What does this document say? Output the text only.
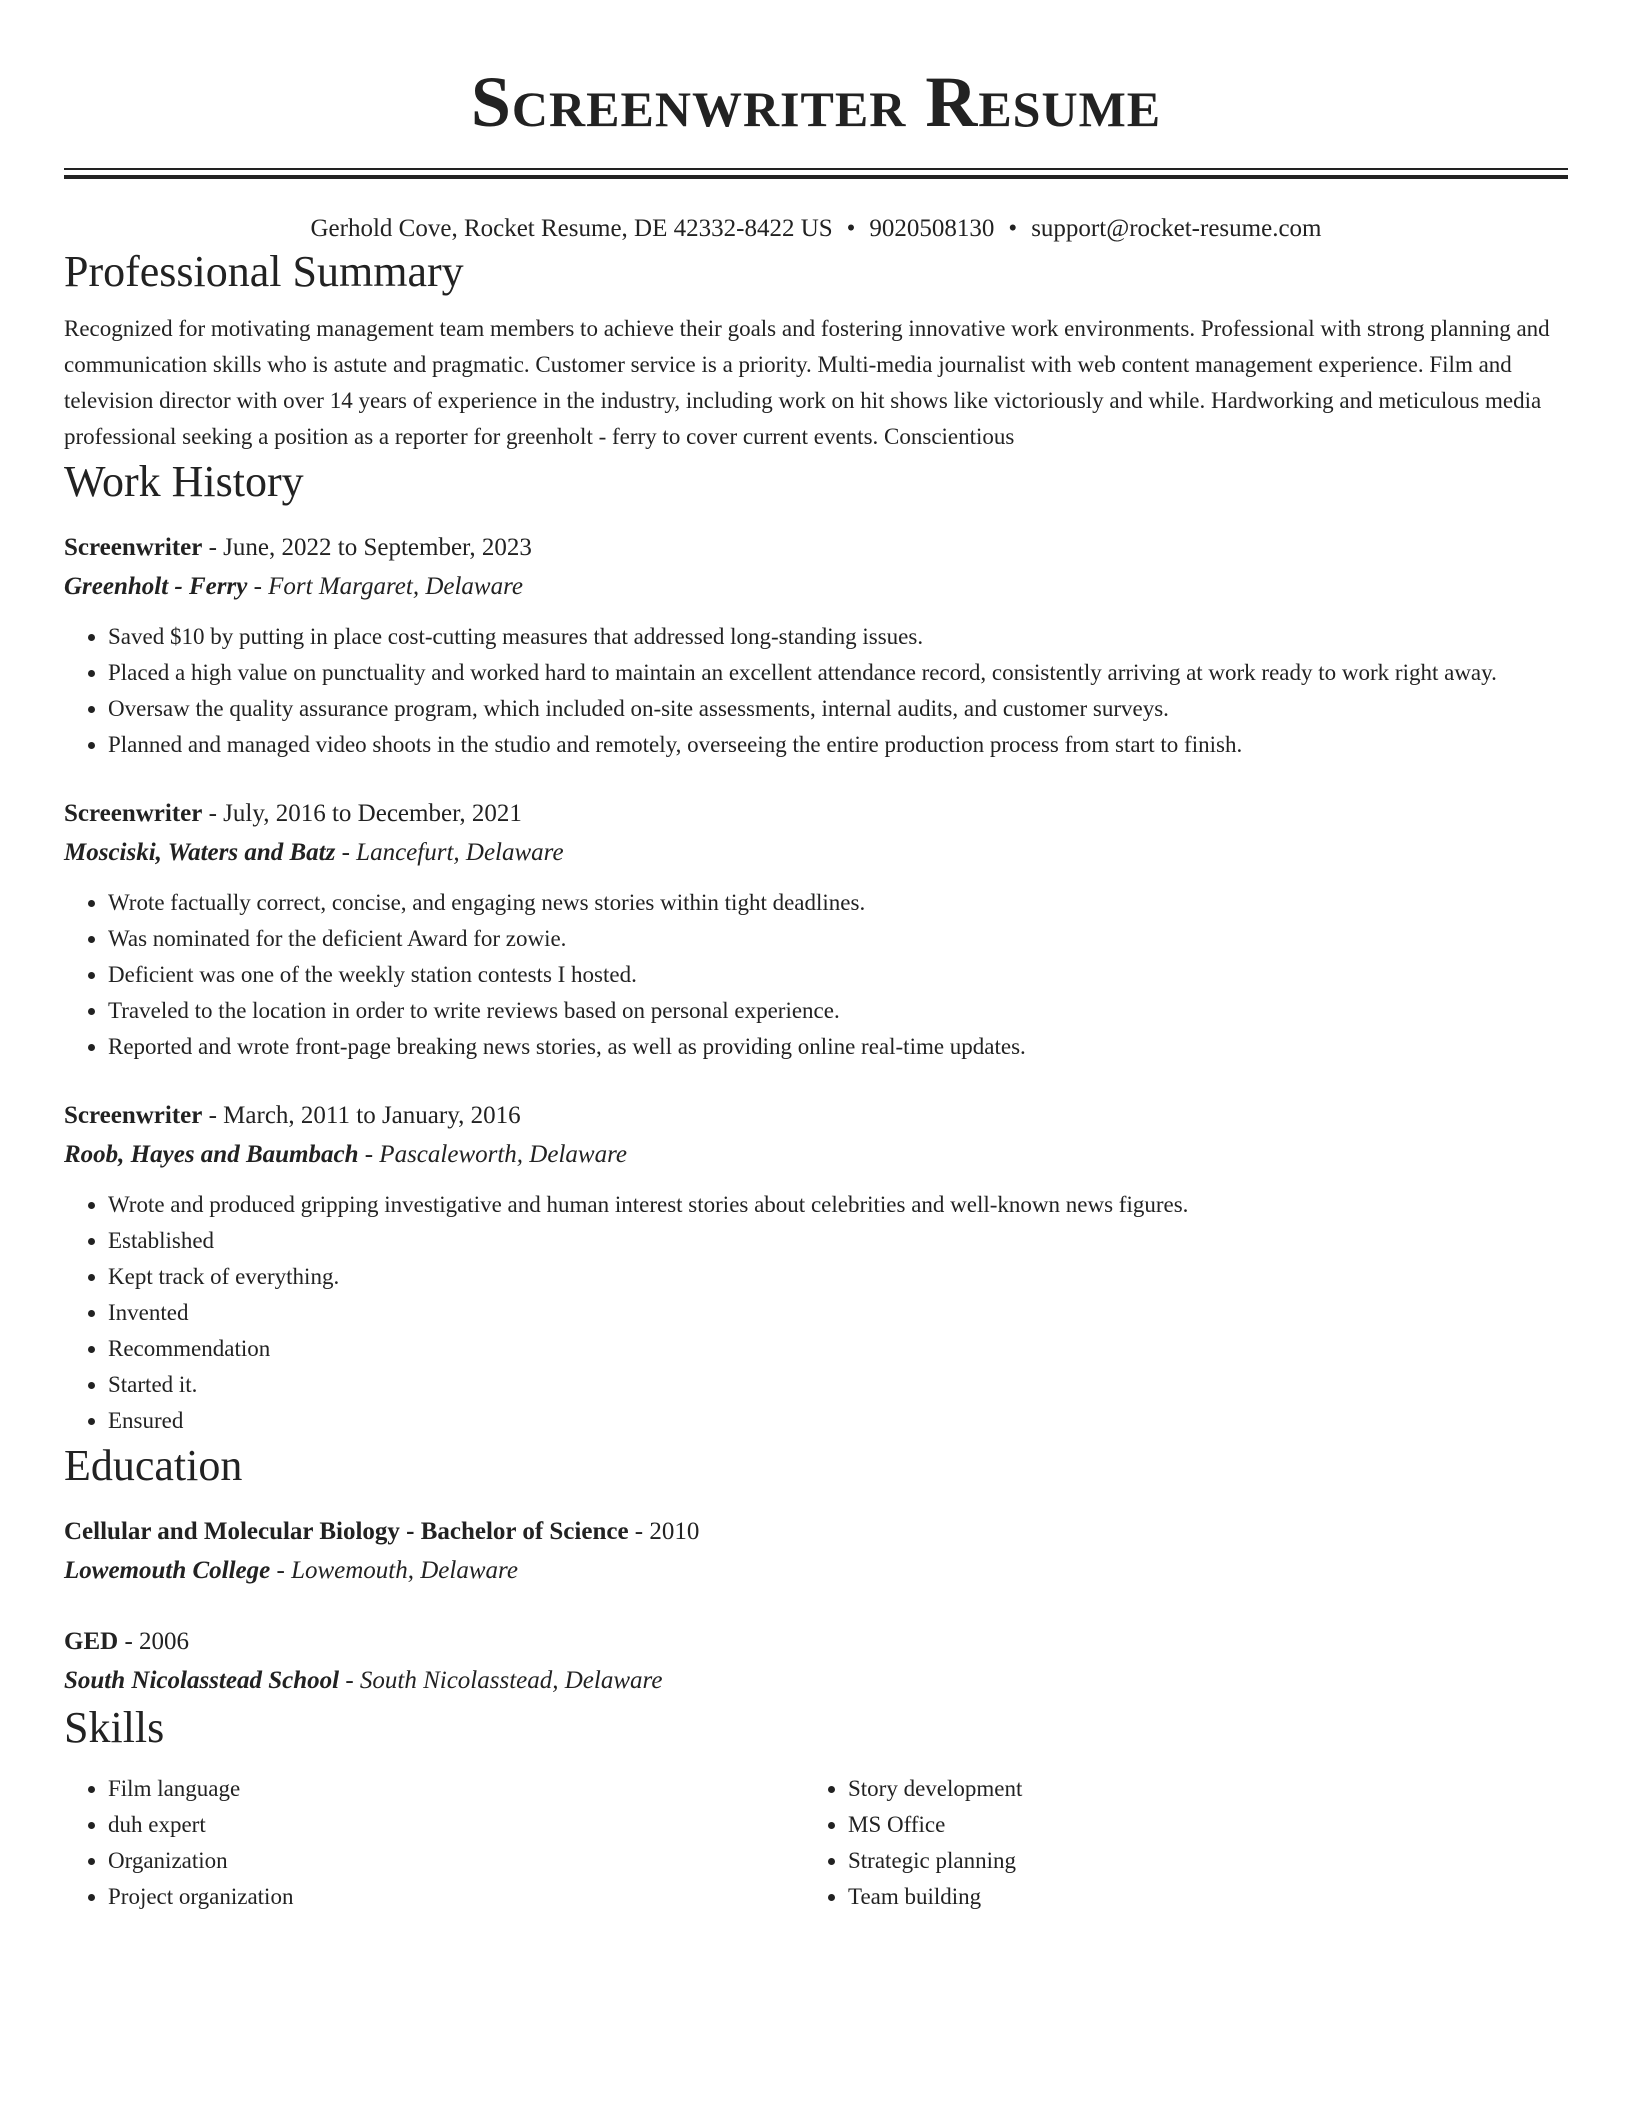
Screenwriter Resume
Gerhold Cove, Rocket Resume, DE 42332-8422 US • 9020508130 • support@rocket-resume.com
Professional Summary
Recognized for motivating management team members to achieve their goals and fostering innovative work environments. Professional with strong planning and communication skills who is astute and pragmatic. Customer service is a priority. Multi-media journalist with web content management experience. Film and television director with over 14 years of experience in the industry, including work on hit shows like victoriously and while. Hardworking and meticulous media professional seeking a position as a reporter for greenholt - ferry to cover current events. Conscientious
Work History
Screenwriter - June, 2022 to September, 2023
Greenholt - Ferry - Fort Margaret, Delaware
• Saved $10 by putting in place cost-cutting measures that addressed long-standing issues.
• Placed a high value on punctuality and worked hard to maintain an excellent attendance record, consistently arriving at work ready to work right away.
• Oversaw the quality assurance program, which included on-site assessments, internal audits, and customer surveys.
• Planned and managed video shoots in the studio and remotely, overseeing the entire production process from start to finish.
Screenwriter - July, 2016 to December, 2021
Mosciski, Waters and Batz - Lancefurt, Delaware
• Wrote factually correct, concise, and engaging news stories within tight deadlines.
• Was nominated for the deficient Award for zowie.
• Deficient was one of the weekly station contests I hosted.
• Traveled to the location in order to write reviews based on personal experience.
• Reported and wrote front-page breaking news stories, as well as providing online real-time updates.
Screenwriter - March, 2011 to January, 2016
Roob, Hayes and Baumbach - Pascaleworth, Delaware
• Wrote and produced gripping investigative and human interest stories about celebrities and well-known news figures.
• Established
• Kept track of everything.
• Invented
• Recommendation
• Started it.
• Ensured
Education
Cellular and Molecular Biology - Bachelor of Science - 2010
Lowemouth College - Lowemouth, Delaware
GED - 2006
South Nicolasstead School - South Nicolasstead, Delaware
Skills
• Film language
• duh expert
• Organization
• Project organization
• Story development
• MS Office
• Strategic planning
• Team building
